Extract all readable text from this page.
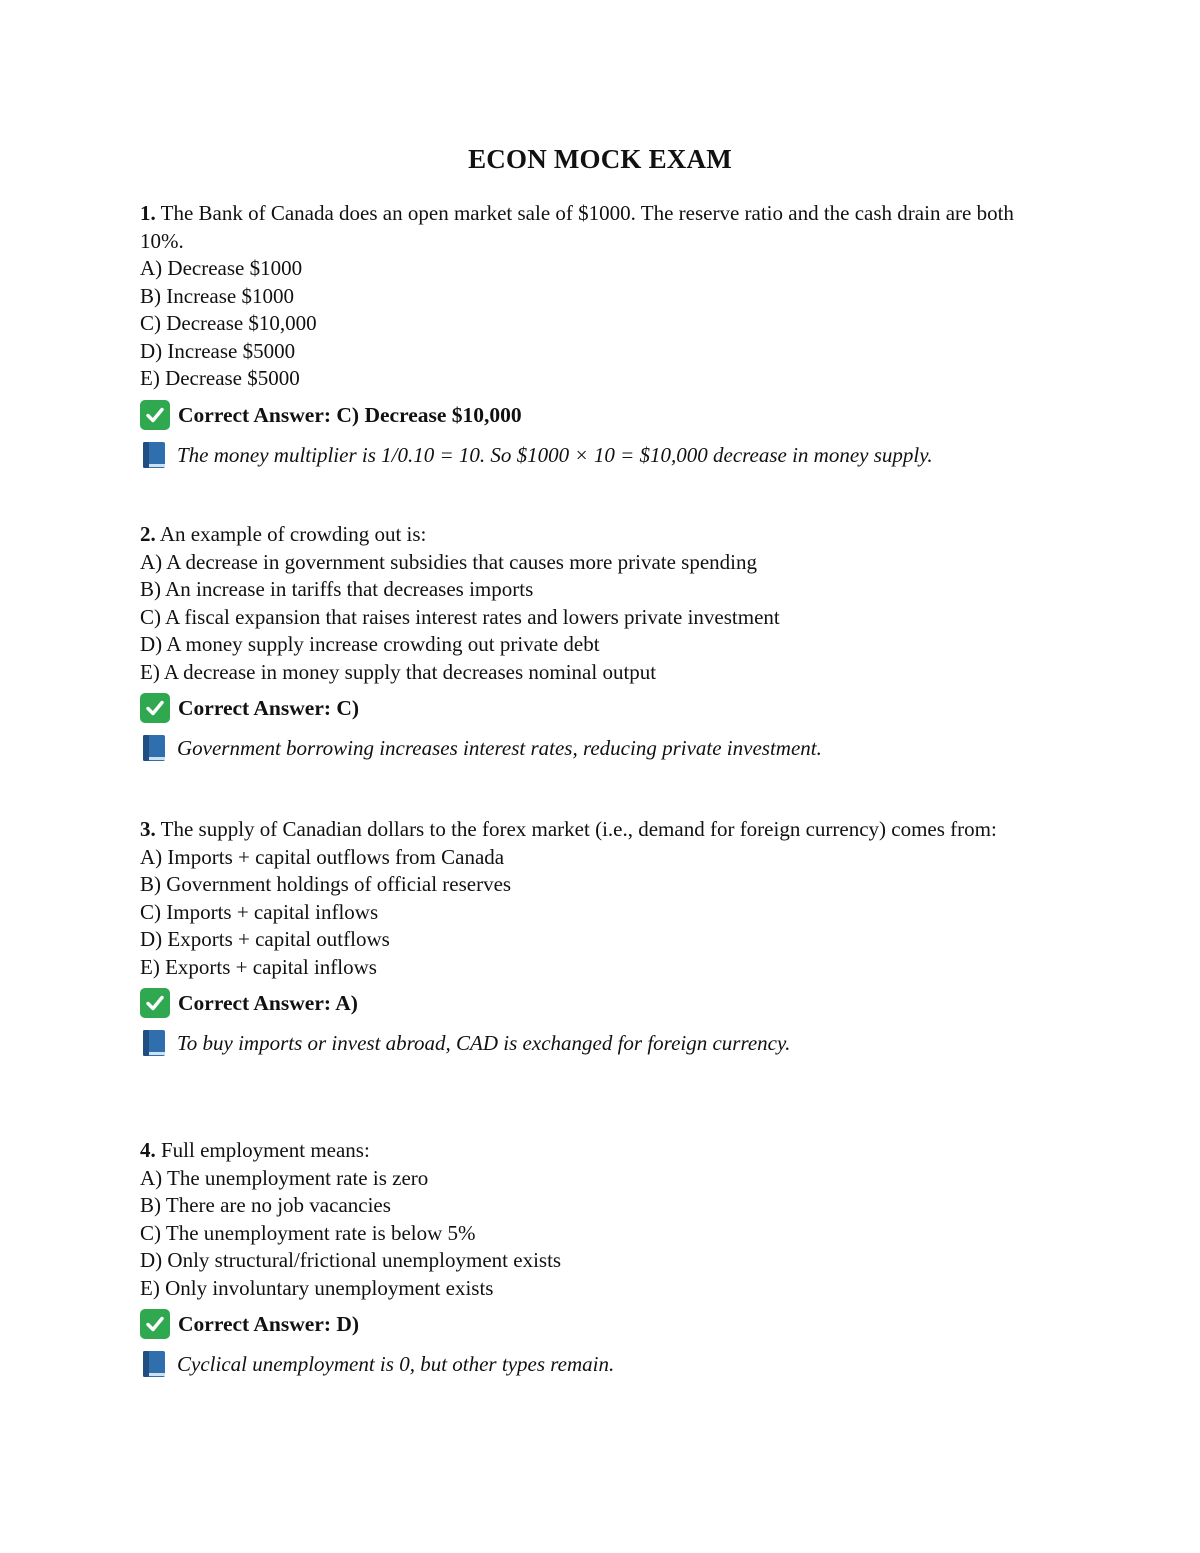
ECON MOCK EXAM
1. The Bank of Canada does an open market sale of $1000. The reserve ratio and the cash drain are both 10%.
A) Decrease $1000
B) Increase $1000
C) Decrease $10,000
D) Increase $5000
E) Decrease $5000
Correct Answer: C) Decrease $10,000
The money multiplier is 1/0.10 = 10. So $1000 × 10 = $10,000 decrease in money supply.
2. An example of crowding out is:
A) A decrease in government subsidies that causes more private spending
B) An increase in tariffs that decreases imports
C) A fiscal expansion that raises interest rates and lowers private investment
D) A money supply increase crowding out private debt
E) A decrease in money supply that decreases nominal output
Correct Answer: C)
Government borrowing increases interest rates, reducing private investment.
3. The supply of Canadian dollars to the forex market (i.e., demand for foreign currency) comes from:
A) Imports + capital outflows from Canada
B) Government holdings of official reserves
C) Imports + capital inflows
D) Exports + capital outflows
E) Exports + capital inflows
Correct Answer: A)
To buy imports or invest abroad, CAD is exchanged for foreign currency.
4. Full employment means:
A) The unemployment rate is zero
B) There are no job vacancies
C) The unemployment rate is below 5%
D) Only structural/frictional unemployment exists
E) Only involuntary unemployment exists
Correct Answer: D)
Cyclical unemployment is 0, but other types remain.
